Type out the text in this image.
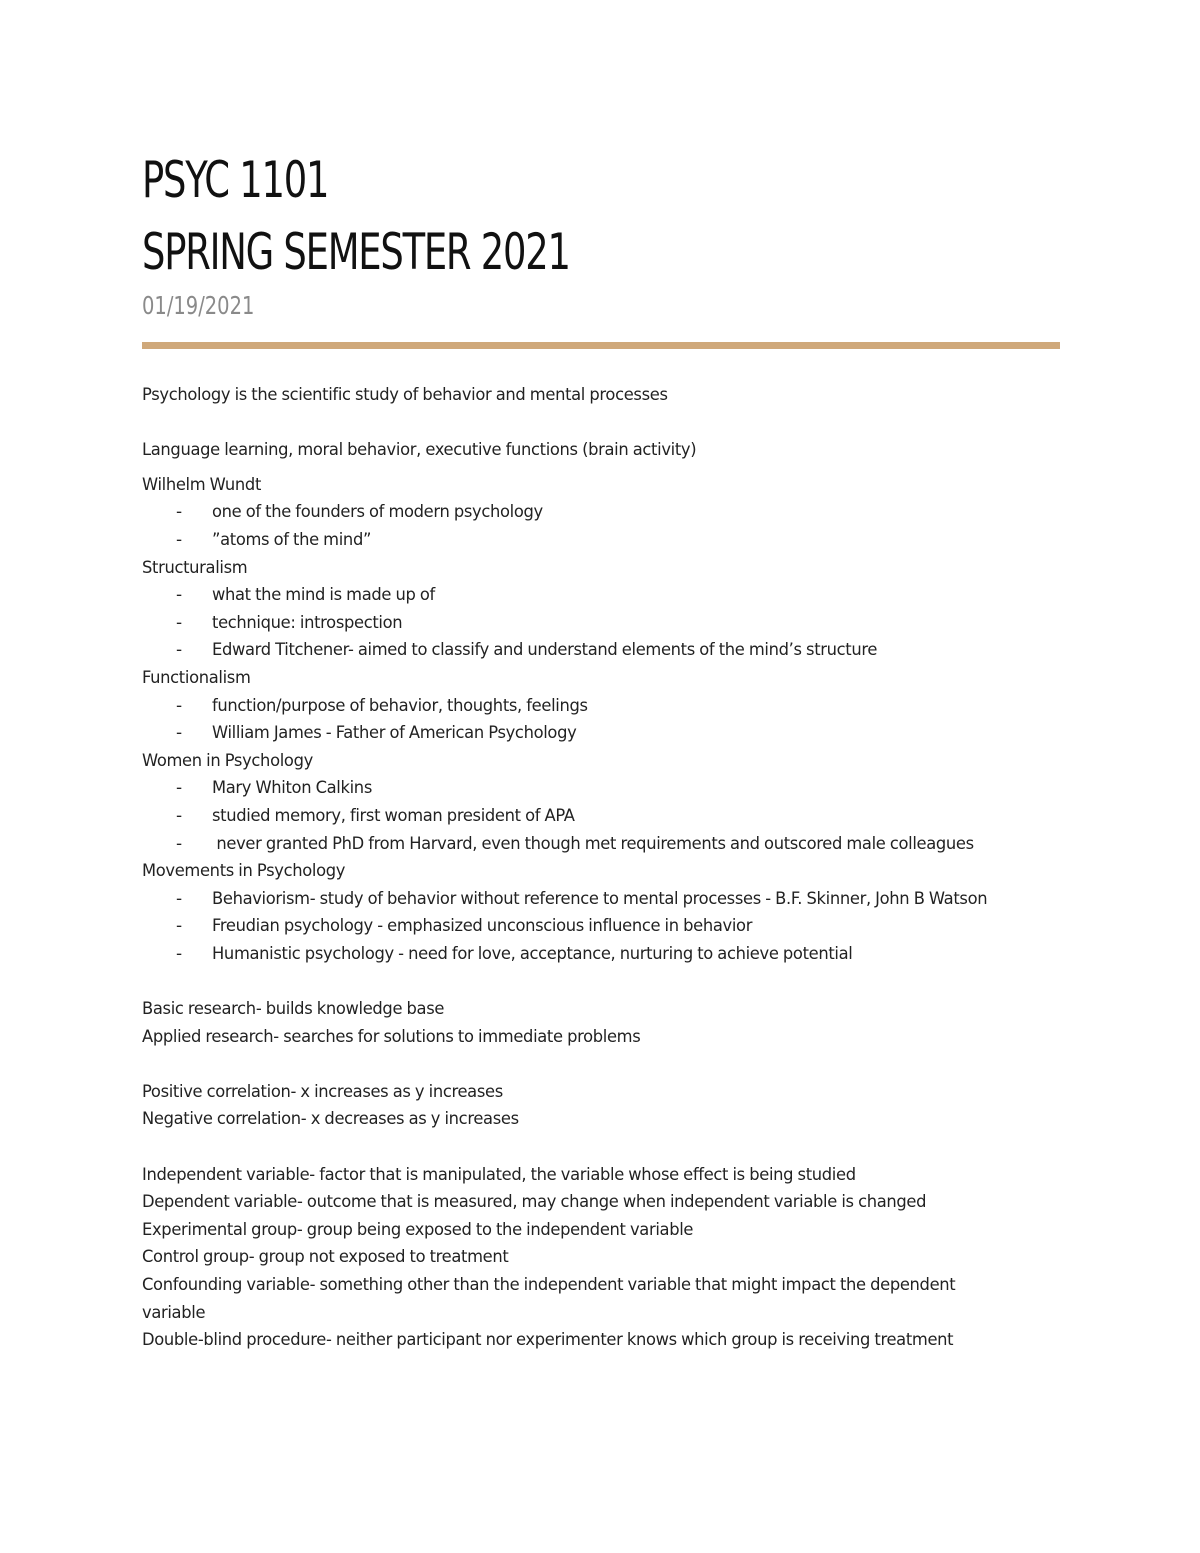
PSYC 1101
SPRING SEMESTER 2021
01/19/2021
Psychology is the scientific study of behavior and mental processes
Language learning, moral behavior, executive functions (brain activity)
Wilhelm Wundt
-	one of the founders of modern psychology
-	”atoms of the mind”
Structuralism
-	what the mind is made up of
-	technique: introspection
-	Edward Titchener- aimed to classify and understand elements of the mind’s structure
Functionalism
-	function/purpose of behavior, thoughts, feelings
-	William James - Father of American Psychology
Women in Psychology
-	Mary Whiton Calkins
-	studied memory, first woman president of APA
-	never granted PhD from Harvard, even though met requirements and outscored male colleagues
Movements in Psychology
-	Behaviorism- study of behavior without reference to mental processes - B.F. Skinner, John B Watson
-	Freudian psychology - emphasized unconscious influence in behavior
-	Humanistic psychology - need for love, acceptance, nurturing to achieve potential
Basic research- builds knowledge base
Applied research- searches for solutions to immediate problems
Positive correlation- x increases as y increases
Negative correlation- x decreases as y increases
Independent variable- factor that is manipulated, the variable whose effect is being studied
Dependent variable- outcome that is measured, may change when independent variable is changed
Experimental group- group being exposed to the independent variable
Control group- group not exposed to treatment
Confounding variable- something other than the independent variable that might impact the dependent variable
Double-blind procedure- neither participant nor experimenter knows which group is receiving treatment
